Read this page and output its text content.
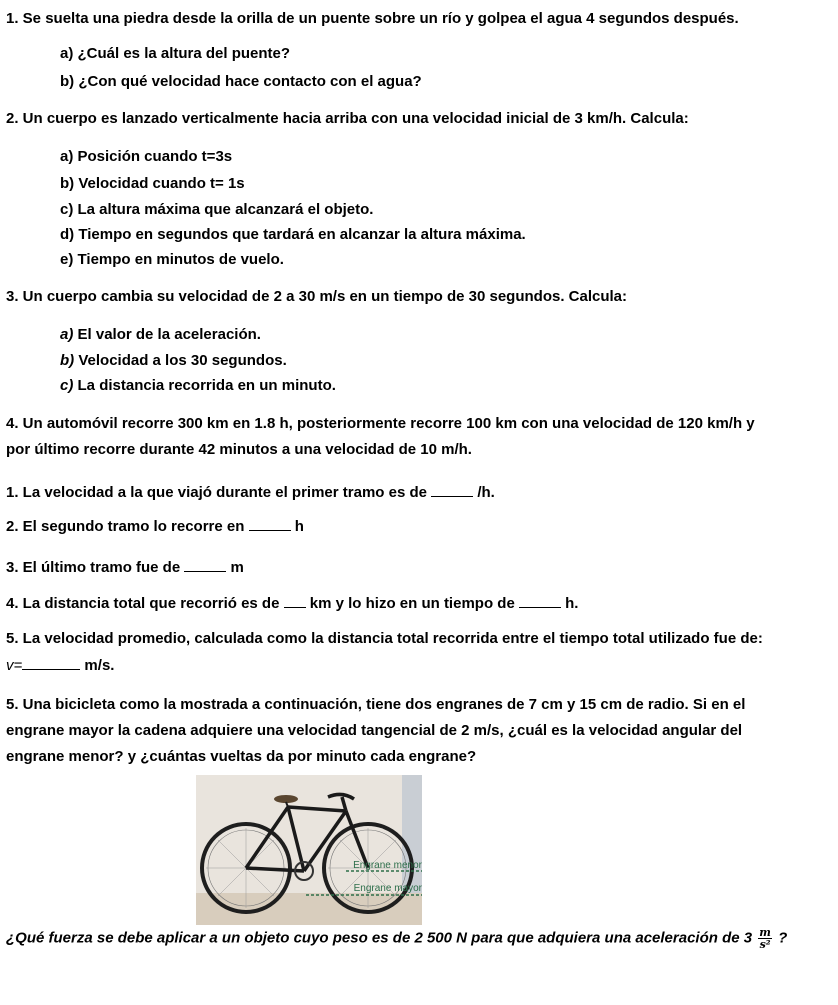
1. Se suelta una piedra desde la orilla de un puente sobre un río y golpea el agua 4 segundos después.
a) ¿Cuál es la altura del puente?
b) ¿Con qué velocidad hace contacto con el agua?
2. Un cuerpo es lanzado verticalmente hacia arriba con una velocidad inicial de 3 km/h. Calcula:
a) Posición cuando t=3s
b) Velocidad cuando t= 1s
c) La altura máxima que alcanzará el objeto.
d) Tiempo en segundos que tardará en alcanzar la altura máxima.
e) Tiempo en minutos de vuelo.
3. Un cuerpo cambia su velocidad de 2 a 30 m/s en un tiempo de 30 segundos. Calcula:
a) El valor de la aceleración.
b) Velocidad a los 30 segundos.
c) La distancia recorrida en un minuto.
4. Un automóvil recorre 300 km en 1.8 h, posteriormente recorre 100 km con una velocidad de 120 km/h y
por último recorre durante 42 minutos a una velocidad de 10 m/h.
1. La velocidad a la que viajó durante el primer tramo es de	/h.
2. El segundo tramo lo recorre en	h
3. El último tramo fue de	m
4. La distancia total que recorrió es de  km y lo hizo en un tiempo de	h.
5. La velocidad promedio, calculada como la distancia total recorrida entre el tiempo total utilizado fue de:
v=	m/s.
5. Una bicicleta como la mostrada a continuación, tiene dos engranes de 7 cm y 15 cm de radio. Si en el
engrane mayor la cadena adquiere una velocidad tangencial de 2 m/s, ¿cuál es la velocidad angular del
engrane menor? y ¿cuántas vueltas da por minuto cada engrane?
Engrane menor
Engrane mayor
¿Qué fuerza se debe aplicar a un objeto cuyo peso es de 2 500 N para que adquiera una aceleración de $3 \frac{m}{\text{s²}}$ ?
